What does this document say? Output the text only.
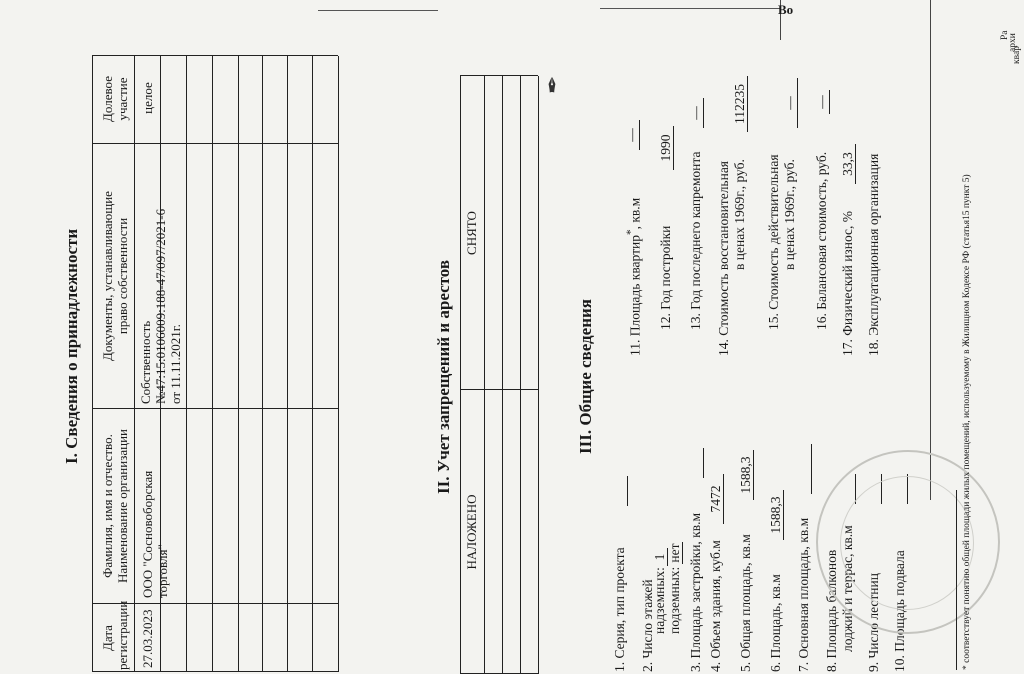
I. Сведения о принадлежности
Дата регистрации
Фамилия, имя и отчество. Наименование организации
Документы, устанавливающие право собственности
Долевое участие
27.03.2023
ООО "Сосновоборская торговля"
Собственность №47:15:0106009:188-47/097/2021-6 от 11.11.2021г.
целое
II. Учет запрещений и арестов
НАЛОЖЕНО
СНЯТО
✒
III. Общие сведения
1. Серия, тип проекта 2. Число этажей
надземных:
1
подземных:
нет 3. Площадь застройки, кв.м 4. Объем здания, куб.м
7472
5. Общая площадь, кв.м
1588,3
6. Площадь, кв.м
1588,3
7. Основная площадь, кв.м 8. Площадь балконов лоджий и террас, кв.м 9. Число лестниц 10. Площадь подвала
11. Площадь квартир*, кв.м
—
12. Год постройки
1990
13. Год последнего капремонта
—
14. Стоимость восстановительная в ценах 1969г., руб.
112235
15. Стоимость действительная в ценах 1969г., руб.
—
16. Балансовая стоимость, руб.
—
17. Физический износ, %
33,3 18. Эксплуатационная организация	* соответствует понятию общей площади жилых помещений, используемому в Жилищном Кодексе РФ (статья15 пункт 5)
Ра
архи
квар
Во
